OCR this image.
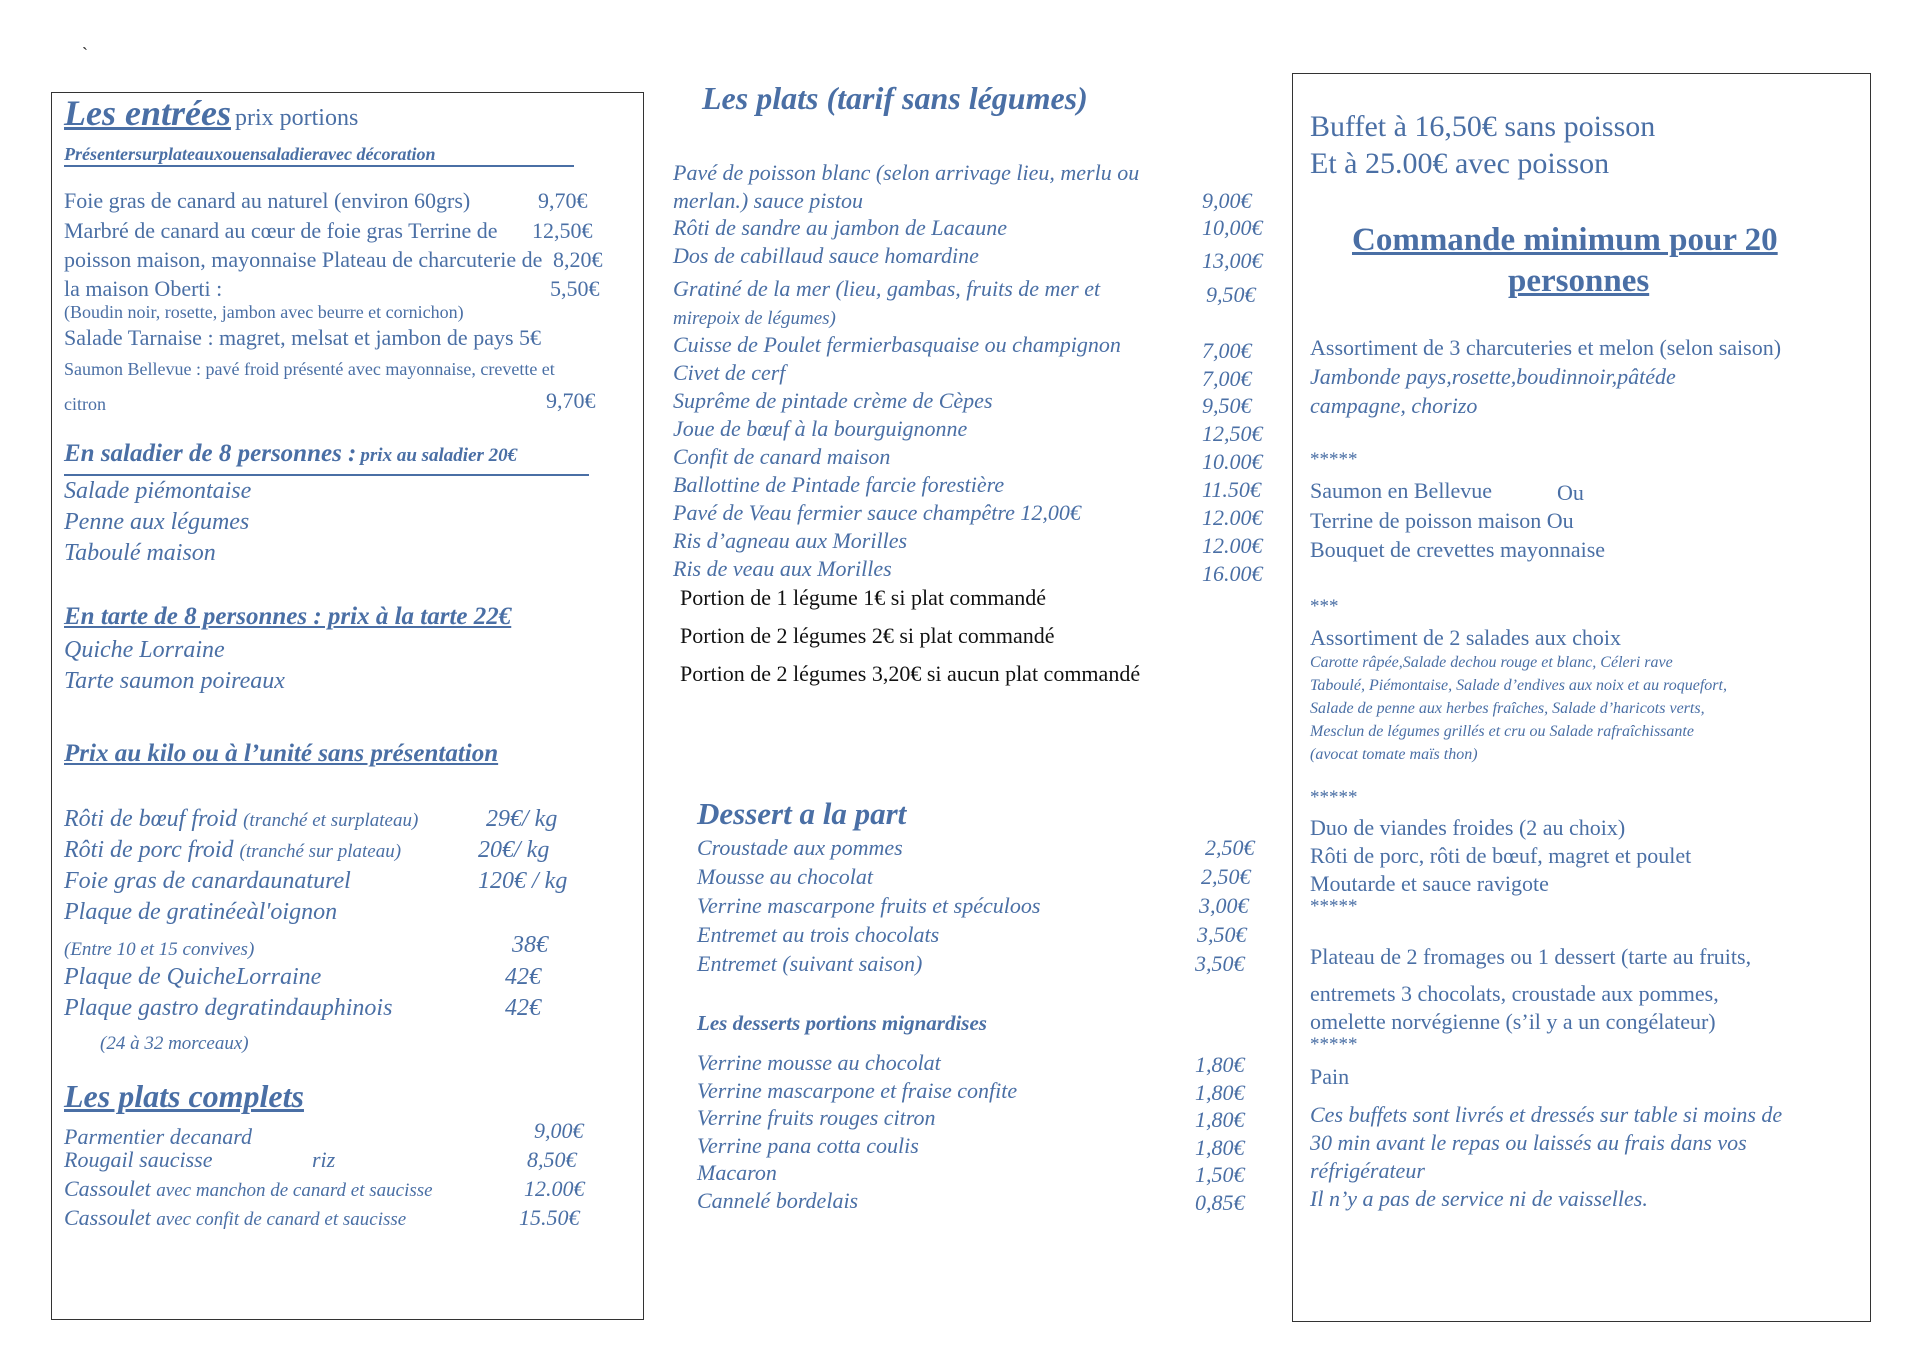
`
Les entrées prix portions
Présentersurplateauxouensaladieravec décoration
Foie gras de canard au naturel (environ 60grs)	9,70€
Marbré de canard au cœur de foie gras Terrine de 12,50€
poisson maison, mayonnaise Plateau de charcuterie de 8,20€
la maison Oberti :	5,50€
(Boudin noir, rosette, jambon avec beurre et cornichon)
Salade Tarnaise : magret, melsat et jambon de pays 5€
Saumon Bellevue : pavé froid présenté avec mayonnaise, crevette et
citron	9,70€
En saladier de 8 personnes : prix au saladier 20€
Salade piémontaise
Penne aux légumes
Taboulé maison
En tarte de 8 personnes : prix à la tarte 22€
Quiche Lorraine
Tarte saumon poireaux
Prix au kilo ou à l’unité sans présentation
Rôti de bœuf froid (tranché et surplateau)	29€/ kg
Rôti de porc froid (tranché sur plateau)	20€/ kg
Foie gras de canardaunaturel	120€ / kg
Plaque de gratinéeàl'oignon
(Entre 10 et 15 convives)	38€
Plaque de QuicheLorraine	42€
Plaque gastro degratindauphinois	42€
(24 à 32 morceaux)
Les plats complets
Parmentier decanard	9,00€
Rougail saucisse	riz	8,50€
Cassoulet avec manchon de canard et saucisse	12.00€
Cassoulet avec confit de canard et saucisse	15.50€
Les plats (tarif sans légumes)
Pavé de poisson blanc (selon arrivage lieu, merlu ou
merlan.) sauce pistou	9,00€
Rôti de sandre au jambon de Lacaune	10,00€
Dos de cabillaud sauce homardine	13,00€
Gratiné de la mer (lieu, gambas, fruits de mer et	9,50€
mirepoix de légumes)
Cuisse de Poulet fermierbasquaise ou champignon	7,00€
Civet de cerf	7,00€
Suprême de pintade crème de Cèpes	9,50€
Joue de bœuf à la bourguignonne	12,50€
Confit de canard maison	10.00€
Ballottine de Pintade farcie forestière	11.50€
Pavé de Veau fermier sauce champêtre 12,00€	12.00€
Ris d’agneau aux Morilles	12.00€
Ris de veau aux Morilles	16.00€
Portion de 1 légume 1€ si plat commandé
Portion de 2 légumes 2€ si plat commandé
Portion de 2 légumes 3,20€ si aucun plat commandé
Dessert a la part
Croustade aux pommes	2,50€
Mousse au chocolat	2,50€
Verrine mascarpone fruits et spéculoos	3,00€
Entremet au trois chocolats	3,50€
Entremet (suivant saison)	3,50€
Les desserts portions mignardises
Verrine mousse au chocolat	1,80€
Verrine mascarpone et fraise confite	1,80€
Verrine fruits rouges citron	1,80€
Verrine pana cotta coulis	1,80€
Macaron	1,50€
Cannelé bordelais	0,85€
Buffet à 16,50€ sans poisson
Et à 25.00€ avec poisson
Commande minimum pour 20
personnes
Assortiment de 3 charcuteries et melon (selon saison)
Jambonde pays,rosette,boudinnoir,pâtéde
campagne, chorizo
*****
Saumon en Bellevue	Ou
Terrine de poisson maison Ou
Bouquet de crevettes mayonnaise
***
Assortiment de 2 salades aux choix
Carotte râpée,Salade dechou rouge et blanc, Céleri rave
Taboulé, Piémontaise, Salade d’endives aux noix et au roquefort,
Salade de penne aux herbes fraîches, Salade d’haricots verts,
Mesclun de légumes grillés et cru ou Salade rafraîchissante
(avocat tomate maïs thon)
*****
Duo de viandes froides (2 au choix)
Rôti de porc, rôti de bœuf, magret et poulet
Moutarde et sauce ravigote
*****
Plateau de 2 fromages ou 1 dessert (tarte au fruits,
entremets 3 chocolats, croustade aux pommes,
omelette norvégienne (s’il y a un congélateur)
*****
Pain
Ces buffets sont livrés et dressés sur table si moins de
30 min avant le repas ou laissés au frais dans vos
réfrigérateur
Il n’y a pas de service ni de vaisselles.
